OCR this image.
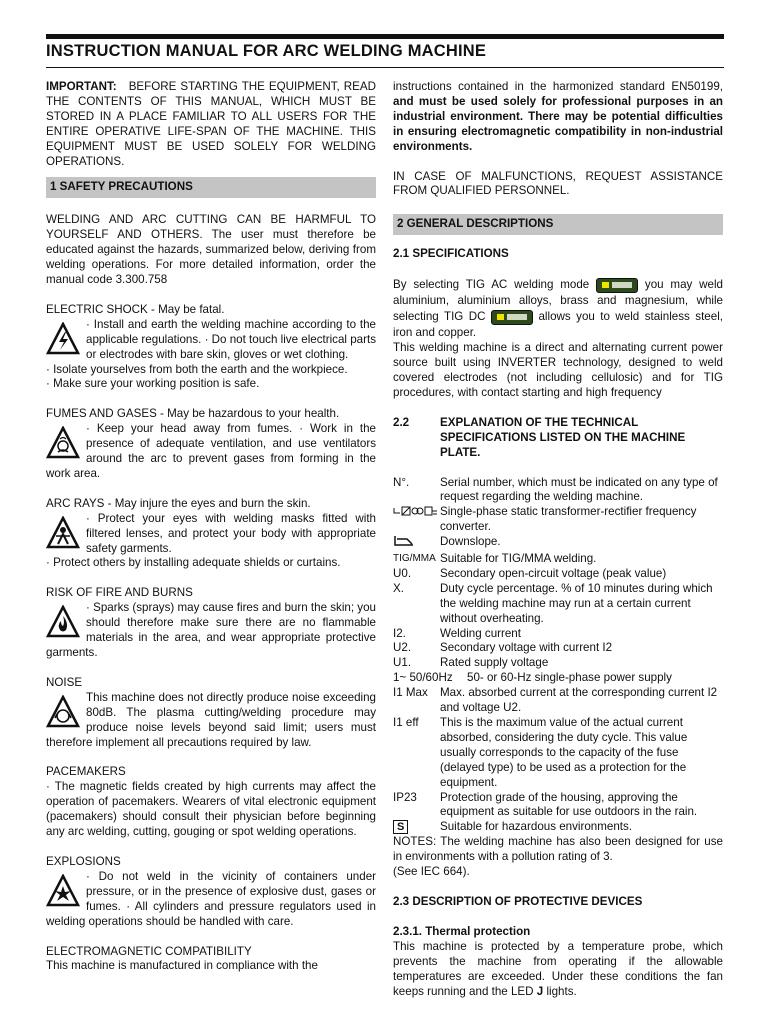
INSTRUCTION MANUAL FOR ARC WELDING MACHINE

IMPORTANT: BEFORE STARTING THE EQUIPMENT, READ THE CONTENTS OF THIS MANUAL, WHICH MUST BE STORED IN A PLACE FAMILIAR TO ALL USERS FOR THE ENTIRE OPERATIVE LIFE-SPAN OF THE MACHINE. THIS EQUIPMENT MUST BE USED SOLELY FOR WELDING OPERATIONS.

1 SAFETY PRECAUTIONS

WELDING AND ARC CUTTING CAN BE HARMFUL TO YOURSELF AND OTHERS. The user must therefore be educated against the hazards, summarized below, deriving from welding operations. For more detailed information, order the manual code 3.300.758

ELECTRIC SHOCK - May be fatal.

· Install and earth the welding machine according to the applicable regulations. · Do not touch live electrical parts or electrodes with bare skin, gloves or wet clothing.

· Isolate yourselves from both the earth and the workpiece.

· Make sure your working position is safe.

FUMES AND GASES - May be hazardous to your health.

· Keep your head away from fumes. · Work in the presence of adequate ventilation, and use ventilators around the arc to prevent gases from forming in the work area.

ARC RAYS - May injure the eyes and burn the skin.

· Protect your eyes with welding masks fitted with filtered lenses, and protect your body with appropriate safety garments.

· Protect others by installing adequate shields or curtains.

RISK OF FIRE AND BURNS

· Sparks (sprays) may cause fires and burn the skin; you should therefore make sure there are no flammable materials in the area, and wear appropriate protective garments.

NOISE

This machine does not directly produce noise exceeding 80dB. The plasma cutting/welding procedure may produce noise levels beyond said limit; users must therefore implement all precautions required by law.

PACEMAKERS

· The magnetic fields created by high currents may affect the operation of pacemakers. Wearers of vital electronic equipment (pacemakers) should consult their physician before beginning any arc welding, cutting, gouging or spot welding operations.

EXPLOSIONS

· Do not weld in the vicinity of containers under pressure, or in the presence of explosive dust, gases or fumes. · All cylinders and pressure regulators used in welding operations should be handled with care.

ELECTROMAGNETIC COMPATIBILITY

This machine is manufactured in compliance with the

instructions contained in the harmonized standard EN50199, and must be used solely for professional purposes in an industrial environment. There may be potential difficulties in ensuring electromagnetic compatibility in non-industrial environments.

IN CASE OF MALFUNCTIONS, REQUEST ASSISTANCE FROM QUALIFIED PERSONNEL.

2 GENERAL DESCRIPTIONS

2.1 SPECIFICATIONS

By selecting TIG AC welding mode	you may weld aluminium, aluminium alloys, brass and magnesium, while selecting TIG DC	allows you to weld stainless steel, iron and copper.

This welding machine is a direct and alternating current power source built using INVERTER technology, designed to weld covered electrodes (not including cellulosic) and for TIG procedures, with contact starting and high frequency

2.2	EXPLANATION OF THE TECHNICAL SPECIFICATIONS LISTED ON THE MACHINE PLATE.
N°.	Serial number, which must be indicated on any type of request regarding the welding machine.
Single-phase static transformer-rectifier frequency converter.
Downslope.
TIG/MMA Suitable for TIG/MMA welding.
U0.	Secondary open-circuit voltage (peak value)
X.	Duty cycle percentage. % of 10 minutes during which the welding machine may run at a certain current without overheating.
I2.	Welding current
U2.	Secondary voltage with current I2
U1.	Rated supply voltage
1~ 50/60Hz	50- or 60-Hz single-phase power supply
I1 Max	Max. absorbed current at the corresponding current I2 and voltage U2.
I1 eff	This is the maximum value of the actual current absorbed, considering the duty cycle. This value usually corresponds to the capacity of the fuse (delayed type) to be used as a protection for the equipment.
IP23	Protection grade of the housing, approving the equipment as suitable for use outdoors in the rain.
S	Suitable for hazardous environments.

NOTES: The welding machine has also been designed for use in environments with a pollution rating of 3.

(See IEC 664).

2.3 DESCRIPTION OF PROTECTIVE DEVICES

2.3.1. Thermal protection

This machine is protected by a temperature probe, which prevents the machine from operating if the allowable temperatures are exceeded. Under these conditions the fan keeps running and the LED J lights.
